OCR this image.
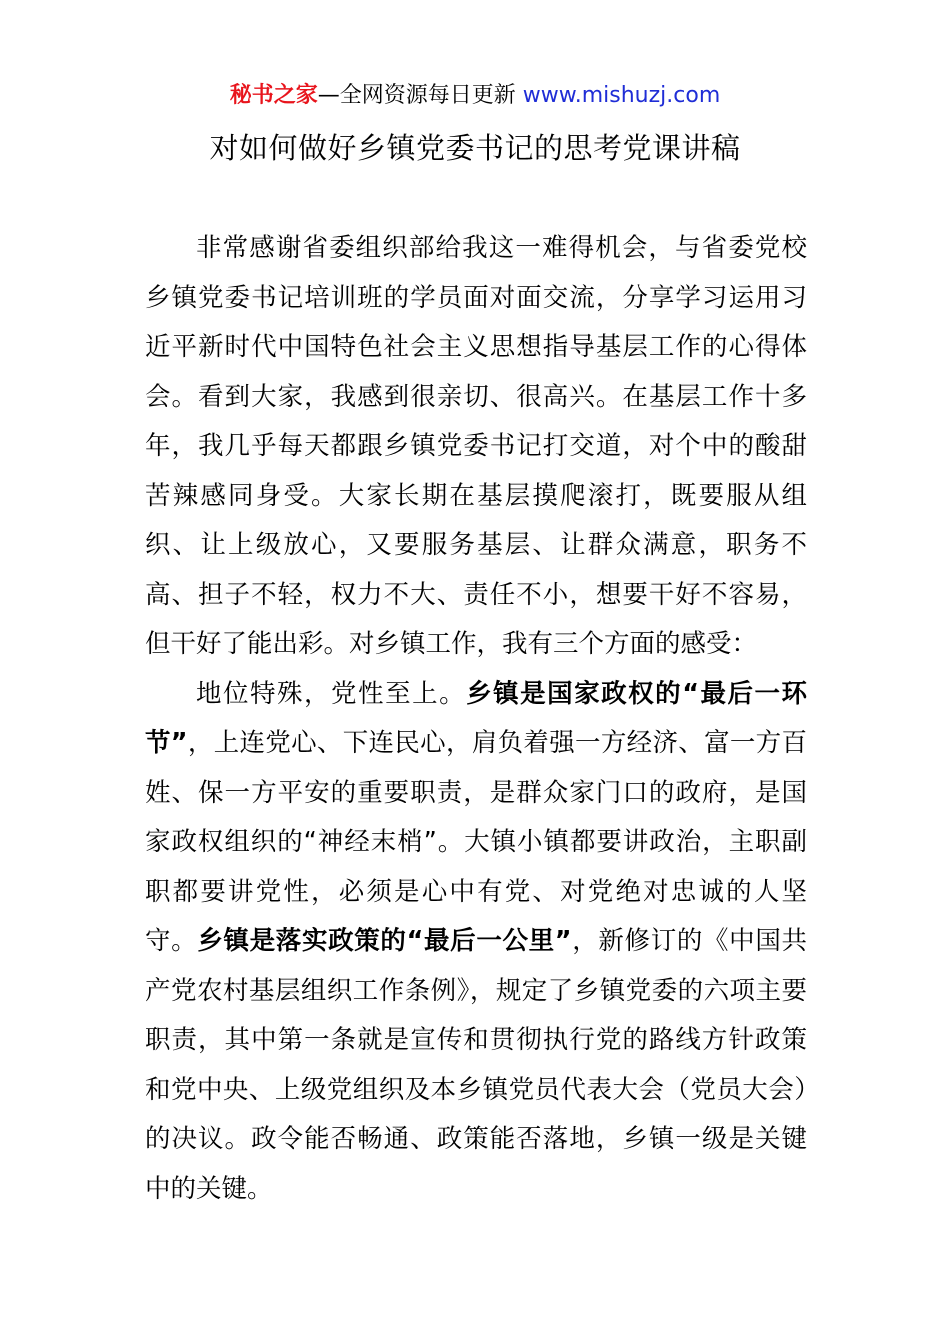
秘书之家—全网资源每日更新 www.mishuzj.com
对如何做好乡镇党委书记的思考党课讲稿

非常感谢省委组织部给我这一难得机会，与省委党校乡镇党委书记培训班的学员面对面交流，分享学习运用习近平新时代中国特色社会主义思想指导基层工作的心得体会。看到大家，我感到很亲切、很高兴。在基层工作十多年，我几乎每天都跟乡镇党委书记打交道，对个中的酸甜苦辣感同身受。大家长期在基层摸爬滚打，既要服从组织、让上级放心，又要服务基层、让群众满意，职务不高、担子不轻，权力不大、责任不小，想要干好不容易，但干好了能出彩。对乡镇工作，我有三个方面的感受：

地位特殊，党性至上。乡镇是国家政权的“最后一环节”，上连党心、下连民心，肩负着强一方经济、富一方百姓、保一方平安的重要职责，是群众家门口的政府，是国家政权组织的“神经末梢”。大镇小镇都要讲政治，主职副职都要讲党性，必须是心中有党、对党绝对忠诚的人坚守。乡镇是落实政策的“最后一公里”，新修订的《中国共产党农村基层组织工作条例》，规定了乡镇党委的六项主要职责，其中第一条就是宣传和贯彻执行党的路线方针政策和党中央、上级党组织及本乡镇党员代表大会（党员大会）的决议。政令能否畅通、政策能否落地，乡镇一级是关键中的关键。
